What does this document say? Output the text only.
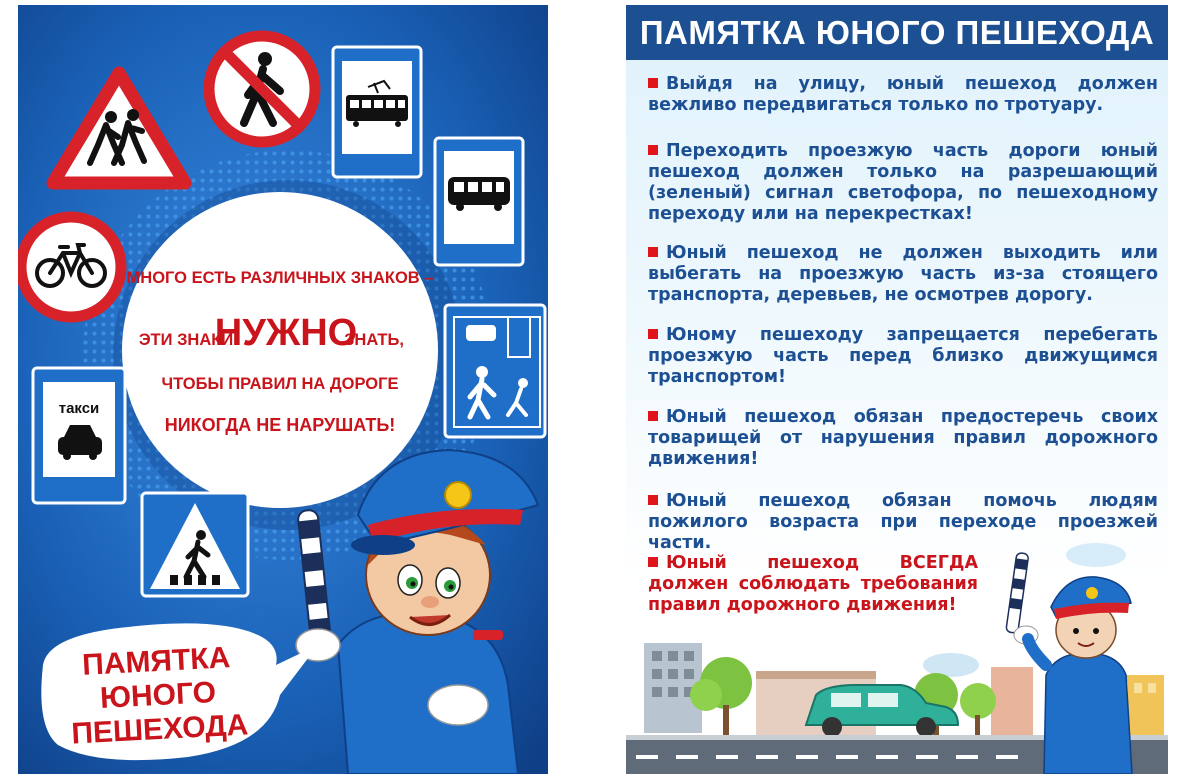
такси
МНОГО ЕСТЬ РАЗЛИЧНЫХ ЗНАКОВ –
ЭТИ ЗНАКИ
НУЖНО
ЗНАТЬ,
ЧТОБЫ ПРАВИЛ НА ДОРОГЕ
НИКОГДА НЕ НАРУШАТЬ!
ПАМЯТКА
ЮНОГО
ПЕШЕХОДА
ПАМЯТКА ЮНОГО ПЕШЕХОДА
Выйдя на улицу, юный пешеход должен вежливо передвигаться только по тротуару.
Переходить проезжую часть дороги юный пешеход должен только на разрешающий (зеленый) сигнал светофора, по пешеходному переходу или на перекрестках!
Юный пешеход не должен выходить или выбегать на проезжую часть из-за стоящего транспорта, деревьев, не осмотрев дорогу.
Юному пешеходу запрещается перебегать проезжую часть перед близко движущимся транспортом!
Юный пешеход обязан предостеречь своих товарищей от нарушения правил дорожного движения!
Юный пешеход обязан помочь людям пожилого возраста при переходе проезжей части.
Юный пешеход ВСЕГДА должен соблюдать требования правил дорожного движения!
